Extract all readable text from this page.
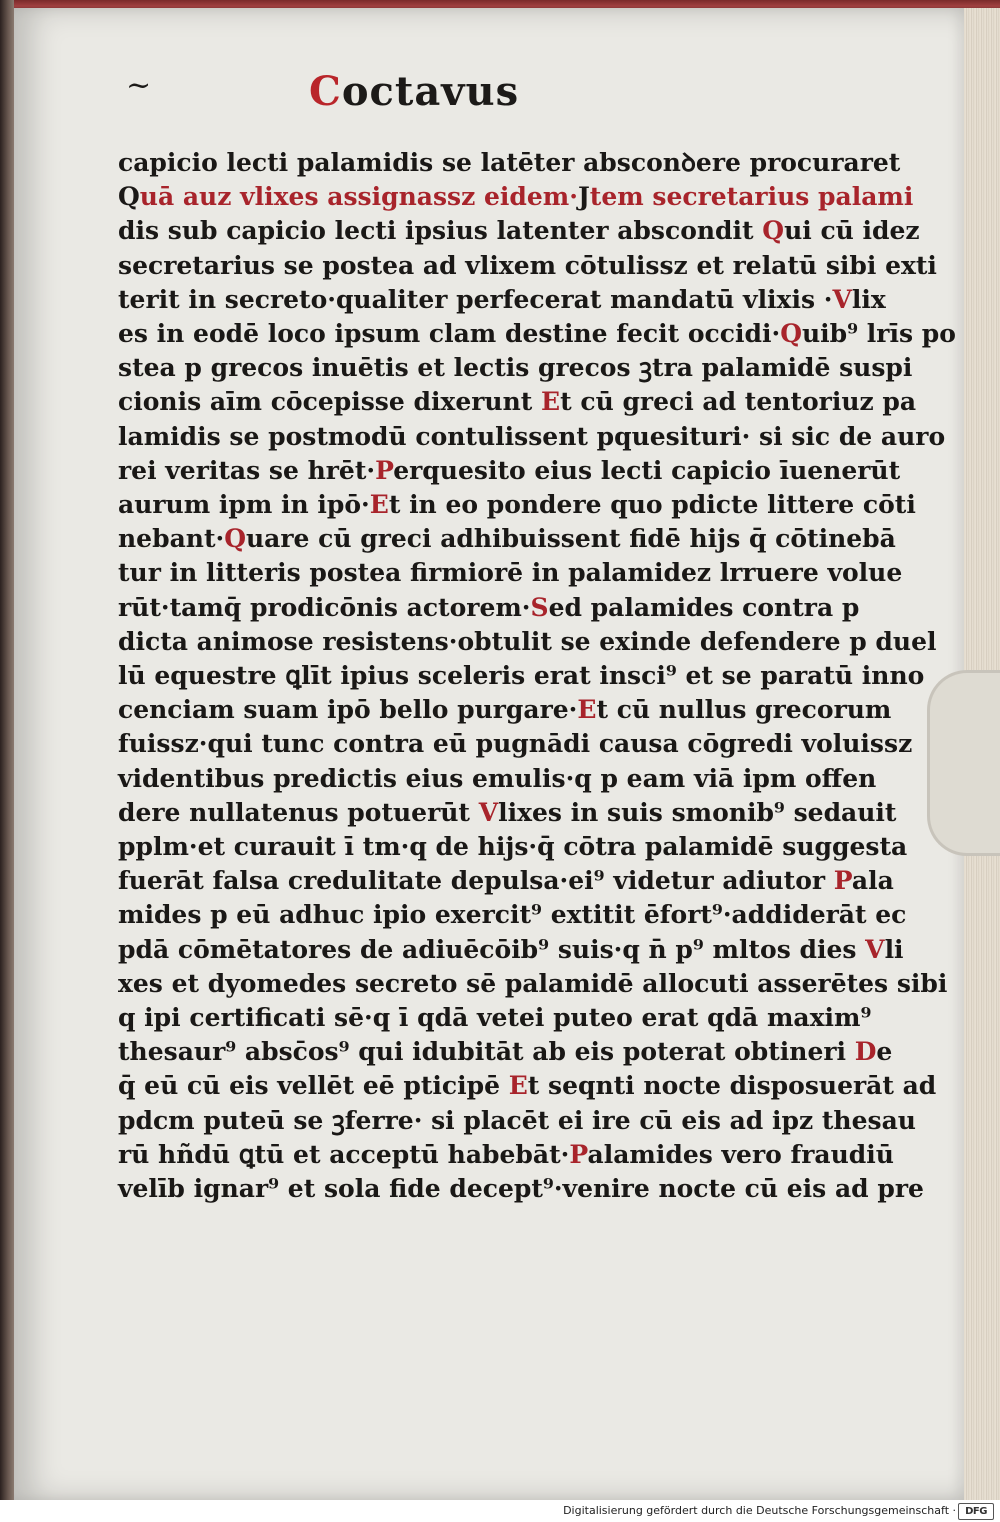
~	Coctavus
capicio lecti palamidis se latēter absconꝺere procuraret
Quā auz vlixes assignassz eidem·Jtem secretarius palami
dis sub capicio lecti ipsius latenter abscondit Qui cū idez
secretarius se postea ad vlixem cōtulissz et relatū sibi exti
terit in secreto·qualiter perfecerat mandatū vlixis ·Vlix
es in eodē loco ipsum clam destine fecit occidi·Quib⁹ lrīs po
stea p grecos inuētis et lectis grecos ꝫtra palamidē suspi
cionis aīm cōcepisse dixerunt Et cū greci ad tentoriuz pa
lamidis se postmodū contulissent pquesituri· si sic de auro
rei veritas se hrēt·Perquesito eius lecti capicio īuenerūt
aurum ipm in ipō·Et in eo pondere quo pdicte littere cōti
nebant·Quare cū greci adhibuissent fidē hijs q̄ cōtinebā
tur in litteris postea firmiorē in palamidez lrruere volue
rūt·tamq̄ prodicōnis actorem·Sed palamides contra p
dicta animose resistens·obtulit se exinde defendere p duel
lū equestre ꝗlīt ipius sceleris erat insci⁹ et se paratū inno
cenciam suam ipō bello purgare·Et cū nullus grecorum
fuissz·qui tunc contra eū pugnādi causa cōgredi voluissz
videntibus predictis eius emulis·q p eam viā ipm offen
dere nullatenus potuerūt Vlixes in suis smonib⁹ sedauit
pplm·et curauit ī tm·q de hijs·q̄ cōtra palamidē suggesta
fuerāt falsa credulitate depulsa·ei⁹ videtur adiutor Pala
mides p eū adhuc ipio exercit⁹ extitit ēfort⁹·addiderāt ec
pdā cōmētatores de adiuēcōib⁹ suis·q n̄ p⁹ mltos dies Vli
xes et dyomedes secreto sē palamidē allocuti asserētes sibi
q ipi certificati sē·q ī qdā vetei puteo erat qdā maxim⁹
thesaur⁹ absc̄os⁹ qui idubitāt ab eis poterat obtineri De
q̄ eū cū eis vellēt eē pticipē Et seqnti nocte disposuerāt ad
pdcm puteū se ꝫferre· si placēt ei ire cū eis ad ipz thesau
rū hñdū ꝗtū et acceptū habebāt·Palamides vero fraudiū
velīb ignar⁹ et sola fide decept⁹·venire nocte cū eis ad pre
Digitalisierung gefördert durch die Deutsche Forschungsgemeinschaft · DFG
